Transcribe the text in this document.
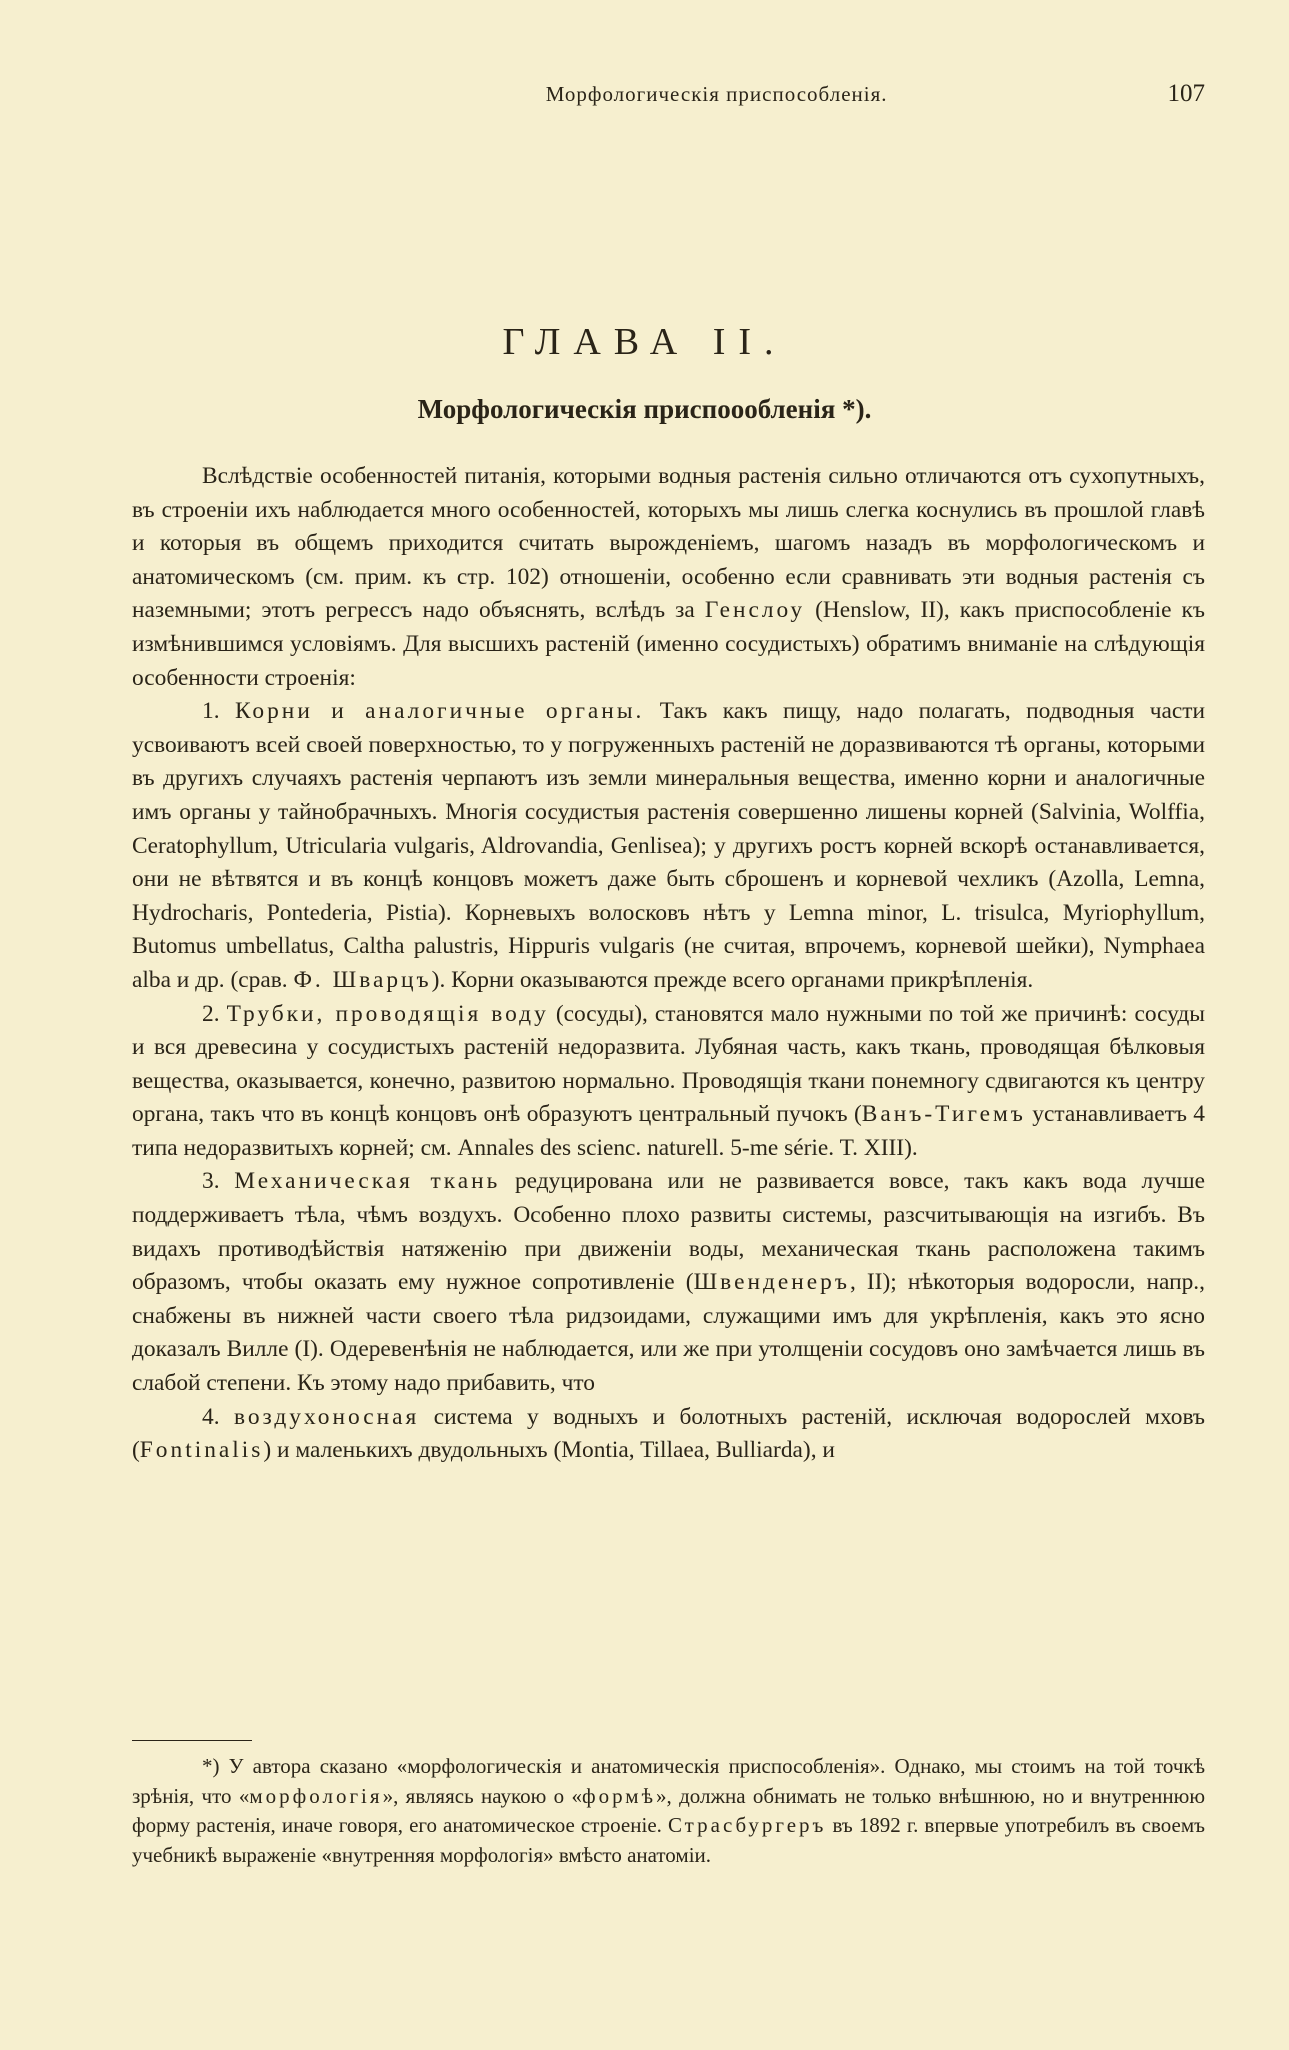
Морфологическія приспособленія.	107
ГЛАВА II.
Морфологическія приспоообленія *).

Вслѣдствіе особенностей питанія, которыми водныя растенія сильно отличаются отъ сухопутныхъ, въ строеніи ихъ наблюдается много особенностей, которыхъ мы лишь слегка коснулись въ прошлой главѣ и которыя въ общемъ приходится считать вырожденіемъ, шагомъ назадъ въ морфологическомъ и анатомическомъ (см. прим. къ стр. 102) отношеніи, особенно если сравнивать эти водныя растенія съ наземными; этотъ регрессъ надо объяснять, вслѣдъ за Генслоу (Henslow, II), какъ приспособленіе къ измѣнившимся условіямъ. Для высшихъ растеній (именно сосудистыхъ) обратимъ вниманіе на слѣдующія особенности строенія:

1. Корни и аналогичные органы. Такъ какъ пищу, надо полагать, подводныя части усвоиваютъ всей своей поверхностью, то у погруженныхъ растеній не доразвиваются тѣ органы, которыми въ другихъ случаяхъ растенія черпаютъ изъ земли минеральныя вещества, именно корни и аналогичные имъ органы у тайнобрачныхъ. Многія сосудистыя растенія совершенно лишены корней (Salvinia, Wolffia, Ceratophyllum, Utricularia vulgaris, Aldrovandia, Genlisea); у другихъ ростъ корней вскорѣ останавливается, они не вѣтвятся и въ концѣ концовъ можетъ даже быть сброшенъ и корневой чехликъ (Azolla, Lemna, Hydrocharis, Pontederia, Pistia). Корневыхъ волосковъ нѣтъ у Lemna minor, L. trisulca, Myriophyllum, Butomus umbellatus, Caltha palustris, Hippuris vulgaris (не считая, впрочемъ, корневой шейки), Nymphaea alba и др. (срав. Ф. Шварцъ). Корни оказываются прежде всего органами прикрѣпленія.

2. Трубки, проводящія воду (сосуды), становятся мало нужными по той же причинѣ: сосуды и вся древесина у сосудистыхъ растеній недоразвита. Лубяная часть, какъ ткань, проводящая бѣлковыя вещества, оказывается, конечно, развитою нормально. Проводящія ткани понемногу сдвигаются къ центру органа, такъ что въ концѣ концовъ онѣ образуютъ центральный пучокъ (Ванъ-Тигемъ устанавливаетъ 4 типа недоразвитыхъ корней; см. Annales des scienc. naturell. 5-me série. T. XIII).

3. Механическая ткань редуцирована или не развивается вовсе, такъ какъ вода лучше поддерживаетъ тѣла, чѣмъ воздухъ. Особенно плохо развиты системы, разсчитывающія на изгибъ. Въ видахъ противодѣйствія натяженію при движеніи воды, механическая ткань расположена такимъ образомъ, чтобы оказать ему нужное сопротивленіе (Швенденеръ, II); нѣкоторыя водоросли, напр., снабжены въ нижней части своего тѣла ридзоидами, служащими имъ для укрѣпленія, какъ это ясно доказалъ Вилле (I). Одеревенѣнія не наблюдается, или же при утолщеніи сосудовъ оно замѣчается лишь въ слабой степени. Къ этому надо прибавить, что

4. воздухоносная система у водныхъ и болотныхъ растеній, исключая водорослей мховъ (Fontinalis) и маленькихъ двудольныхъ (Montia, Tillaea, Bulliarda), и

*) У автора сказано «морфологическія и анатомическія приспособленія». Однако, мы стоимъ на той точкѣ зрѣнія, что «морфологія», являясь наукою о «формѣ», должна обнимать не только внѣшнюю, но и внутреннюю форму растенія, иначе говоря, его анатомическое строеніе. Страсбургеръ въ 1892 г. впервые употребилъ въ своемъ учебникѣ выраженіе «внутренняя морфологія» вмѣсто анатоміи.
